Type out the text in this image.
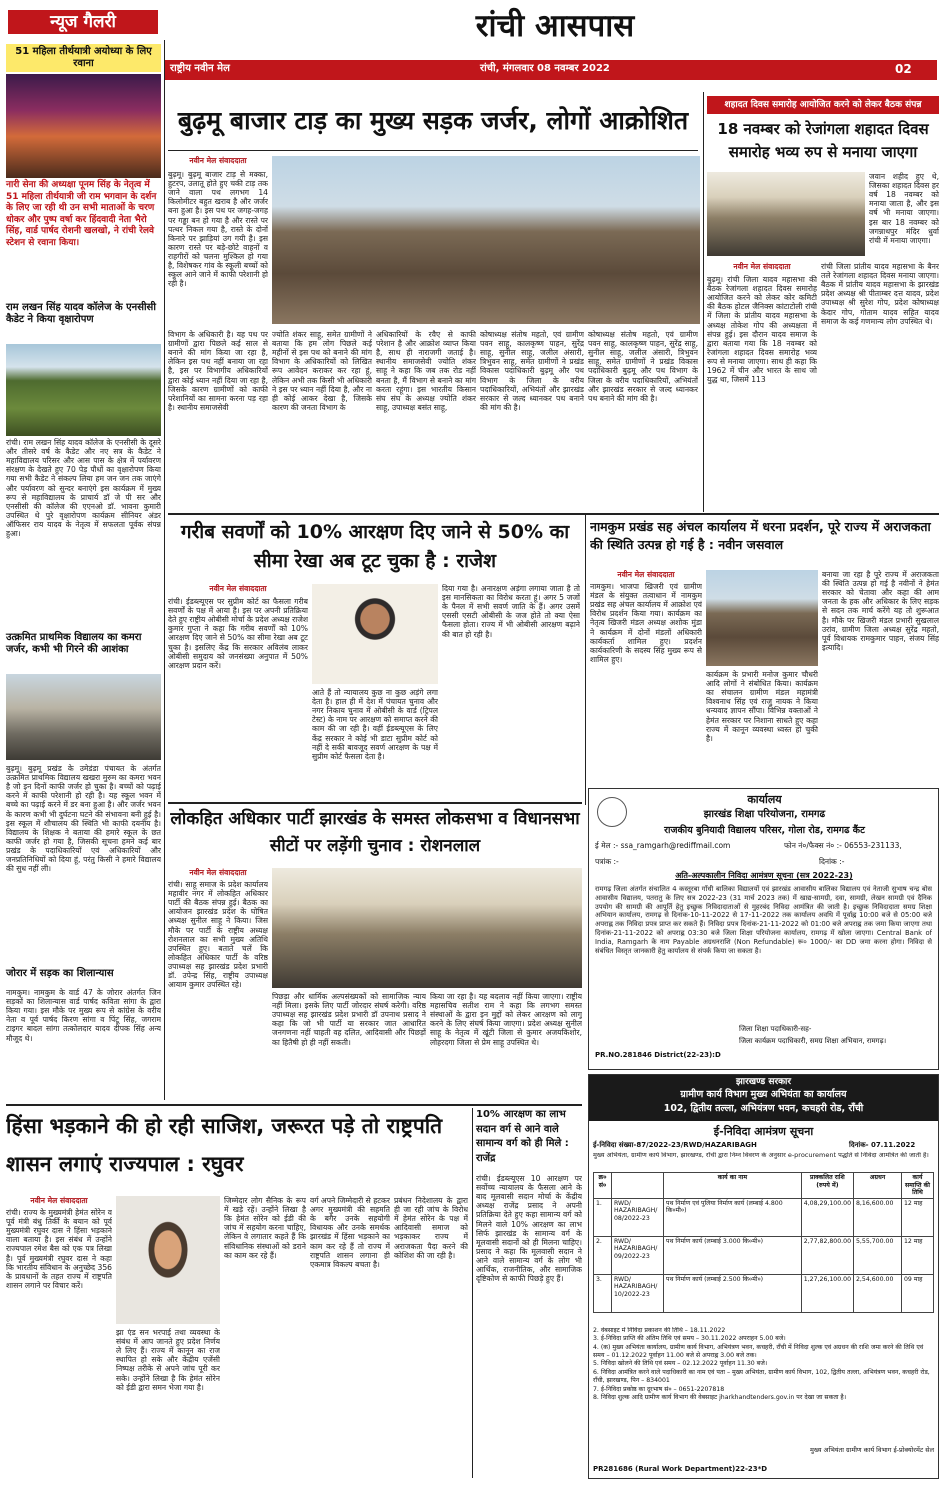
न्यूज गैलरी	रांची आसपास
राष्ट्रीय नवीन मेल	रांची, मंगलवार 08 नवम्बर 2022	02
51 महिला तीर्थयात्री अयोध्या के लिए रवाना
नारी सेना की अध्यक्षा पूनम सिंह के नेतृत्व में 51 महिला तीर्थयात्री जी राम भगवान के दर्शन के लिए जा रही थी उन सभी माताओं के चरण धोकर और पुष्प वर्षा कर हिंदवादी नेता भैरो सिंह, वार्ड पार्षद रोशनी खलखो, ने रांची रेलवे स्टेशन से रवाना किया।
राम लखन सिंह यादव कॉलेज के एनसीसी कैडेट ने किया वृक्षारोपण
रांची। राम लखन सिंह यादव कॉलेज के एनसीसी के दूसरे और तीसरे वर्ष के कैडेट और नए सत्र के कैडेट ने महाविद्यालय परिसर और आस पास के क्षेत्र में पर्यावरण संरक्षण के देखते हुए 70 पेड़ पौधों का वृक्षारोपण किया गया सभी कैडेट ने संकल्प लिया हम जन जन तक जाएंगे और पर्यावरण को सुन्दर बनाएंगे इस कार्यक्रम में मुख्य रूप से महाविद्यालय के प्राचार्य डॉ जे पी सर और एनसीसी की कॉलेज की एएनओ डॉ. भावना कुमारी उपस्थित थे पुरे वृक्षारोपण कार्यक्रम सीनियर अंडर ऑफिसर राय यादव के नेतृत्व में सफलता पूर्वक संपन्न हुआ।
उत्क्रमित प्राथमिक विद्यालय का कमरा जर्जर, कभी भी गिरने की आशंका
बुढ़मू। बुढ़मू प्रखंड के उमेडंडा पंचायत के अंतर्गत उत्क्रमित प्राथमिक विद्यालय खखरा मुरुम का कमरा भवन है जो इन दिनों काफी जर्जर हो चुका है। बच्चों को पढ़ाई करने में काफी परेशानी हो रही है। यह स्कूल भवन में बच्चे का पढ़ाई करने में डर बना हुआ है। और जर्जर भवन के कारण कभी भी दुर्घटना घटने की संभावना बनी हुई है। इस स्कूल में शौचालय की स्थिति भी काफी दयनीय है। विद्यालय के शिक्षक ने बताया की हमारे स्कूल के छत काफी जर्जर हो गया है, जिसकी सूचना हमने कई बार प्रखंड के पदाधिकारियों एवं अधिकारियों और जनप्रतिनिधियों को दिया हूं, परंतु किसी ने हमारे विद्यालय की सुध नहीं ली।
जोरार में सड़क का शिलान्यास
नामकुम। नामकुम के वार्ड 47 के जोरार अंतर्गत जिन सड़कों का शिलान्यास वार्ड पार्षद कविता सांगा के द्वारा किया गया। इस मौके पर मुख्य रूप से कांग्रेस के वरीय नेता व पूर्व पार्षद किरण सांगा व पिंटू सिंह, जगराम टाइगर बादल सांगा तत्कोलदार यादव दीपक सिंह अन्य मौजूद थे।
बुढ़मू बाजार टाड़ का मुख्य सड़क जर्जर, लोगों आक्रोशित
नवीन मेल संवाददाता
बुढ़मू। बुढ़मू बाजार टाड़ से मक्का, हुटरप, उलातू होते हुए चकी टाड़ तक जाने वाला पथ लगभग 14 किलोमीटर बहुत खराब है और जर्जर बना हुआ है। इस पथ पर जगह-जगह पर गड्ढा बन हो गया है और रास्ते पर पत्थर निकल गया है, रास्ते के दोनों किनारे पर झाड़ियां उग गयी है। इस कारण रास्ते पर बड़े-छोटे वाहनों व राहगीरों को चलना मुश्किल हो गया है, विशेषकर गांव के स्कूली बच्चों को स्कूल आने जाने में काफी परेशानी हो रही है।
विभाग के अधिकारी है। यह पथ पर ग्रामीणों द्वारा पिछले कई साल से बनाने की मांग किया जा रहा है, लेकिन इस पथ नहीं बनाया जा रहा है, इस पर विभागीय अधिकारियों द्वारा कोई ध्यान नहीं दिया जा रहा है, जिसके कारण ग्रामीणों को काफी परेशानियों का सामना करना पड़ रहा है। स्थानीय समाजसेवी
ज्योति शंकर साहू, समेत ग्रामीणों ने बताया कि हम लोग पिछले कई महीनों से इस पथ को बनाने की मांग विभाग के अधिकारियों को लिखित रूप आवेदन कराकर कर रहा हूं, लेकिन अभी तक किसी भी अधिकारी ने इस पर ध्यान नहीं दिया है, और ना ही कोई आकर देखा है, जिसके कारण की जनता विभाग के
अधिकारियों के रवैए से काफी परेशान है और आक्रोश व्याप्त किया है, साथ ही नाराजगी जताई है। स्थानीय समाजसेवी ज्योति शंकर साहू ने कहा कि जब तक रोड नहीं बनता है, मैं विभाग से बनाने का मांग करता रहूंगा। इस भारतीय किसान संघ संघ के अध्यक्ष ज्योति शंकर साहू, उपाध्यक्ष बसंत साहू,
कोषाध्यक्ष संतोष महतो, एवं ग्रामीण पवन साहू, कालकृष्ण पाहन, सुरेंद्र साहू, सुनील साहू, जलील अंसारी, त्रिभुवन साहू, समेत ग्रामीणों ने प्रखंड विकास पदाधिकारी बुढ़मू और पथ विभाग के जिला के वरीय पदाधिकारियों, अभियंतों और झारखंड सरकार से जल्द ध्यानकर पथ बनाने की मांग की है।
कोषाध्यक्ष संतोष महतो, एवं ग्रामीण पवन साहू, कालकृष्ण पाहन, सुरेंद्र साहू, सुनील साहू, जलील अंसारी, त्रिभुवन साहू, समेत ग्रामीणों ने प्रखंड विकास पदाधिकारी बुढ़मू और पथ विभाग के जिला के वरीय पदाधिकारियों, अभियंतों और झारखंड सरकार से जल्द ध्यानकर पथ बनाने की मांग की है।
शहादत दिवस समारोह आयोजित करने को लेकर बैठक संपन्न
18 नवम्बर को रेजांगला शहादत दिवस समारोह भव्य रुप से मनाया जाएगा
जवान शहीद हुए थे, जिसका शहादत दिवस हर वर्ष 18 नवम्बर को मनाया जाता है, और इस वर्ष भी मनाया जाएगा। इस बार 18 नवम्बर को जगन्नाथपुर मंदिर धुर्वा रांची में मनाया जाएगा।
नवीन मेल संवाददाता
बुढ़मू। रांची जिला यादव महासभा की बैठक रेजांगला शहादत दिवस समारोह आयोजित करने को लेकर कोर कमिटी की बैठक होटल जैनिक्स कांटाटोली रांची में जिला के प्रांतीय यादव महासभा के अध्यक्ष तोकेश गोप की अध्यक्षता में संपन्न हुई। इस दौरान यादव समाज के द्वारा बताया गया कि 18 नवम्बर को रेजांगला शहादत दिवस समारोह भव्य रूप से मनाया जाएगा। साथ ही कहा कि 1962 में चीन और भारत के साथ जो युद्ध था, जिसमें 113
रांची जिला प्रांतीय यादव महासभा के बैनर तले रेजांगला शहादत दिवस मनाया जाएगा। बैठक में प्रांतीय यादव महासभा के झारखंड प्रदेश अध्यक्ष श्री पीताम्बर दत्त यादव, प्रदेश उपाध्यक्ष श्री सुरेश गोप, प्रदेश कोषाध्यक्ष केदार गोप, गोताम यादव सहित यादव समाज के कई गणमान्य लोग उपस्थित थे।
गरीब सवर्णों को 10% आरक्षण दिए जाने से 50% का सीमा रेखा अब टूट चुका है : राजेश
नवीन मेल संवाददाता
रांची। ईडब्ल्यूएस पर सुप्रीम कोर्ट का फैसला गरीब सवर्णों के पक्ष में आया है। इस पर अपनी प्रतिक्रिया देते हुए राष्ट्रीय ओबीसी मोर्चा के प्रदेश अध्यक्ष राजेश कुमार गुप्ता ने कहा कि गरीब सवर्णों को 10% आरक्षण दिए जाने से 50% का सीमा रेखा अब टूट चुका है। इसलिए केंद्र कि सरकार अविलंब लाकर ओबीसी समुदाय को जनसंख्या अनुपात में 50% आरक्षण प्रदान करें।
आते हैं तो न्यायालय कुछ ना कुछ अड़ंगे लगा देता है। हाल ही में देश में पंचायत चुनाव और नगर निकाय चुनाव में ओबीसी के वार्ड (ट्रिपल टेस्ट) के नाम पर आरक्षण को समाप्त करने की काम की जा रही है। वहीं ईडब्ल्यूएस के लिए केंद्र सरकार ने कोई भी डाटा सुप्रीम कोर्ट को नहीं दे सकी बावजूद सवर्ण आरक्षण के पक्ष में सुप्रीम कोर्ट फैसला देता है।
दिया गया है। अनारक्षण अड़ंगा लगाया जाता है तो इस मानसिकता का विरोध करता हूं। अगर 5 जजों के पैनल में सभी सवर्ण जाति के हैं। अगर उसमें एससी एसटी ओबीसी के जज होते तो क्या ऐसा फैसला होता। राज्य में भी ओबीसी आरक्षण बढ़ाने की बात हो रही है।
नामकुम प्रखंड सह अंचल कार्यालय में धरना प्रदर्शन, पूरे राज्य में अराजकता की स्थिति उत्पन्न हो गई है : नवीन जसवाल
नवीन मेल संवाददाता
नामकुम। भाजपा खिजरी एवं ग्रामीण मंडल के संयुक्त तत्वाधान में नामकुम प्रखंड सह अंचल कार्यालय में आक्रोश एवं विरोध प्रदर्शन किया गया। कार्यक्रम का नेतृत्व खिजरी मंडल अध्यक्ष अशोक मुंडा ने कार्यक्रम में दोनों मंडलों अधिकारी कार्यकर्ता शामिल हुए। प्रदर्शन कार्यकारिणी के सदस्य सिंह मुख्य रूप से शामिल हुए।
कार्यक्रम के प्रभारी मनोज कुमार चौधरी आदि लोगों ने संबोधित किया। कार्यक्रम का संचालन ग्रामीण मंडल महामंत्री विश्वनाथ सिंह एवं राजु नायक ने किया धन्यवाद ज्ञापन सौंपा। विभिन्न वक्ताओं ने हेमंत सरकार पर निशाना साधते हुए कहा राज्य में कानून व्यवस्था ध्वस्त हो चुकी है।
बनाया जा रहा है पूरे राज्य में अराजकता की स्थिति उत्पन्न हो गई है नवीनों ने हेमंत सरकार को चेतावा और कहा की आम जनता के हक और अधिकार के लिए सड़क से सदन तक मार्च करेंगे यह तो शुरूआत है। मौके पर खिजरी मंडल प्रभारी सुखलाल उरांव, ग्रामीण जिला अध्यक्ष सुरेंद्र महतो, पूर्व विधायक रामकुमार पाहन, संजय सिंह इत्यादि।
लोकहित अधिकार पार्टी झारखंड के समस्त लोकसभा व विधानसभा सीटों पर लड़ेंगी चुनाव : रोशनलाल
नवीन मेल संवाददाता
रांची। साहू समाज के प्रदेश कार्यालय महावीर नगर में लोकहित अधिकार पार्टी की बैठक संपन्न हुई। बैठक का आयोजन झारखंड प्रदेश के घोषित अध्यक्ष सुनील साहू ने किया। जिस मौके पर पार्टी के राष्ट्रीय अध्यक्ष रोशनलाल का सभी मुख्य अतिथि उपस्थित हुए। बताते चलें कि लोकहित अधिकार पार्टी के वरिष्ठ उपाध्यक्ष सह झारखंड प्रदेश प्रभारी डॉ. उपेन्द्र सिंह, राष्ट्रीय उपाध्यक्ष आयाम कुमार उपस्थित रहे।
पिछड़ा और धार्मिक अल्पसंख्यकों को सामाजिक न्याय नहीं मिला। इसके लिए पार्टी जोरदार संघर्ष करेगी। वरिष्ठ उपाध्यक्ष सह झारखंड प्रदेश प्रभारी डॉ उपनाथ प्रसाद ने कहा कि जो भी पार्टी या सरकार जात आधारित जनगणना नहीं चाहती वह दलित, आदिवासी और पिछड़ों का हितैषी हो ही नहीं सकती।
किया जा रहा है। यह बदलाव नहीं किया जाएगा। राष्ट्रीय महासचिव सतीश राम ने कहा कि लगभग समस्त संस्थाओं के द्वारा इन मुद्दों को लेकर आरक्षण को लागू करने के लिए संघर्ष किया जाएगा। प्रदेश अध्यक्ष सुनील साहू के नेतृत्व में खूंटी जिला से कुमार अजयकिशोर, लोहरदगा जिला से प्रेम साहू उपस्थित थे।
कार्यालय
झारखंड शिक्षा परियोजना, रामगढ
राजकीय बुनियादी विद्यालय परिसर, गोला रोड, रामगढ कैंट
ई मेल :- ssa_ramgarh@rediffmail.com	फोन नं०/फैक्स नं० :- 06553-231133,
पत्रांक :-	दिनांक :-
अति-अल्पकालीन निविदा आमंत्रण सूचना (सत्र 2022-23)
रामगढ़ जिला अंतर्गत संचालित 4 कस्तूरबा गाँधी बालिका विद्यालयों एवं झारखंड आवासीय बालिका विद्यालय एवं नेताजी सुभाष चन्द्र बोस आवासीय विद्यालय, पतरातु के लिए सत्र 2022-23 (31 मार्च 2023 तक) में खाद्य-सामग्री, दवा, सामग्री, लेखन सामग्री एवं दैनिक उपयोग की सामग्री की आपूर्ति हेतु इच्छुक निविदादाताओं से मुहरबंद निविदा आमंत्रित की जाती है। इच्छुक निविदादाता समग्र शिक्षा अभियान कार्यालय, रामगढ़ से दिनांक-10-11-2022 से 17-11-2022 तक कार्यालय अवधि में पूर्वाह्न 10:00 बजे से 05:00 बजे अपराह्न तक निविदा प्रपत्र प्राप्त कर सकते हैं। निविदा प्रपत्र दिनांक-21-11-2022 को 01:00 बजे अपराह्न तक जमा किया जाएगा तथा दिनांक-21-11-2022 को अपराह्न 03:30 बजे जिला शिक्षा परियोजना कार्यालय, रामगढ़ में खोला जाएगा। Central Bank of India, Ramgarh के नाम Payable अग्रधनराशि (Non Refundable) रू० 1000/- का DD जमा करना होगा। निविदा से संबंधित विस्तृत जानकारी हेतु कार्यालय से संपर्क किया जा सकता है।
जिला शिक्षा पदाधिकारी-सह-
जिला कार्यक्रम पदाधिकारी, समग्र शिक्षा अभियान, रामगढ़।
PR.NO.281846 District(22-23):D
झारखण्ड सरकार
ग्रामीण कार्य विभाग मुख्य अभियंता का कार्यालय
102, द्वितीय तल्ला, अभियंत्रण भवन, कचहरी रोड, राँची
ई-निविदा आमंत्रण सूचना
ई-निविदा संख्या-87/2022-23/RWD/HAZARIBAGH	दिनांक- 07.11.2022
मुख्य अभियंता, ग्रामीण कार्य विभाग, झारखण्ड, राँची द्वारा निम्न विवरण के अनुसार e-procurement पद्धति से निविदा आमंत्रित की जाती है।
क्र० सं०		कार्य का नाम	प्राक्कलित राशि (रुपये में)	अग्रधन	कार्य समाप्ति की तिथि
1.	RWD/ HAZARIBAGH/ 08/2022-23	पथ निर्माण एवं पुलिया निर्माण कार्य (लम्बाई 4.800 कि०मी०)	4,08,29,100.00	8,16,600.00	12 माह
2.	RWD/ HAZARIBAGH/ 09/2022-23	पथ निर्माण कार्य (लम्बाई 3.000 कि०मी०)	2,77,82,800.00	5,55,700.00	12 माह
3.	RWD/ HAZARIBAGH/ 10/2022-23	पथ निर्माण कार्य (लम्बाई 2.500 कि०मी०)	1,27,26,100.00	2,54,600.00	09 माह
2. वेबसाइट में निविदा प्रकाशन की तिथि – 18.11.2022
3. ई-निविदा प्राप्ति की अंतिम तिथि एवं समय – 30.11.2022 अपराहन 5.00 बजे।
4. (क) मुख्य अभियंता कार्यालय, ग्रामीण कार्य विभाग, अभियंत्रण भवन, कचहरी, राँची में निविदा शुल्क एवं अग्रधन की राशि जमा करने की तिथि एवं समय – 01.12.2022 पूर्वाहन 11.00 बजे से अपराह्न 3.00 बजे तक।
5. निविदा खोलने की तिथि एवं समय – 02.12.2022 पूर्वाहन 11.30 बजे।
6. निविदा आमंत्रित करने वाले पदाधिकारी का नाम एवं पता – मुख्य अभियंता, ग्रामीण कार्य विभाग, 102, द्वितीय तल्ला, अभियंत्रण भवन, कचहरी रोड, राँची, झारखण्ड, पिन – 834001
7. ई-निविदा प्रकोष्ठ का दूरभाष सं० – 0651-2207818
8. निविदा शुल्क आदि ग्रामीण कार्य विभाग की वेबसाइट jharkhandtenders.gov.in पर देखा जा सकता है।
मुख्य अभियंता ग्रामीण कार्य विभाग ई-प्रोक्योरमेंट सेल
PR281686 (Rural Work Department)22-23*D
हिंसा भड़काने की हो रही साजिश, जरूरत पड़े तो राष्ट्रपति शासन लगाएं राज्यपाल : रघुवर
नवीन मेल संवाददाता
रांची। राज्य के मुख्यमंत्री हेमंत सोरेन व पूर्व मंत्री बंधु तिर्की के बयान को पूर्व मुख्यमंत्री रघुवर दास ने हिंसा भड़काने वाला बताया है। इस संबंध में उन्होंने राज्यपाल रमेश बैस को एक पत्र लिखा है। पूर्व मुख्यमंत्री रघुवर दास ने कहा कि भारतीय संविधान के अनुच्छेद 356 के प्रावधानों के तहत राज्य में राष्ट्रपति शासन लगाने पर विचार करें।
झा एंड सन भरपाई तथा व्यवस्था के संबंध में आप जानते हुए प्रदेश निर्णय ले लिए हैं। राज्य में कानून का राज स्थापित हो सके और केंद्रीय एजेंसी निष्पक्ष तरीके से अपने जांच पूरी कर सके। उन्होंने लिखा है कि हेमंत सोरेन को ईडी द्वारा समन भेजा गया है।
जिम्मेदार लोग सैनिक के रूप में खड़े रहें। उन्होंने लिखा है कि हेमंत सोरेन को ईडी की जांच में सहयोग करना चाहिए, लेकिन वे लगातार कहते हैं कि संविधानिक संस्थाओं को डराने का काम कर रहे हैं।
वर्ग अपने जिम्मेदारी से हटकर अगर मुख्यमंत्री की सहमति के बगैर उनके सहयोगी विधायक और उनके समर्थक झारखंड में हिंसा भड़काने का काम कर रहे हैं तो राज्य में राष्ट्रपति शासन लगाना ही एकमात्र विकल्प बचता है।
प्रबंधन निदेशालय के द्वारा ही जा रही जांच के विरोध में हेमंत सोरेन के पक्ष में आदिवासी समाज को भड़काकर राज्य में अराजकता पैदा करने की कोशिश की जा रही है।
10% आरक्षण का लाभ सदान वर्ग से आने वाले सामान्य वर्ग को ही मिले : राजेंद्र
रांची। ईडब्ल्यूएस 10 आरक्षण पर सर्वोच्च न्यायालय के फैसला आने के बाद मूलवासी सदान मोर्चा के केंद्रीय अध्यक्ष राजेंद्र प्रसाद ने अपनी प्रतिक्रिया देते हुए कहा सामान्य वर्ग को मिलने वाले 10% आरक्षण का लाभ सिर्फ झारखंड के सामान्य वर्ग के मूलवासी सदानों को ही मिलना चाहिए। प्रसाद ने कहा कि मूलवासी सदान ने आने वाले सामान्य वर्ग के लोग भी आर्थिक, राजनीतिक, और सामाजिक दृष्टिकोण से काफी पिछड़े हुए हैं।
